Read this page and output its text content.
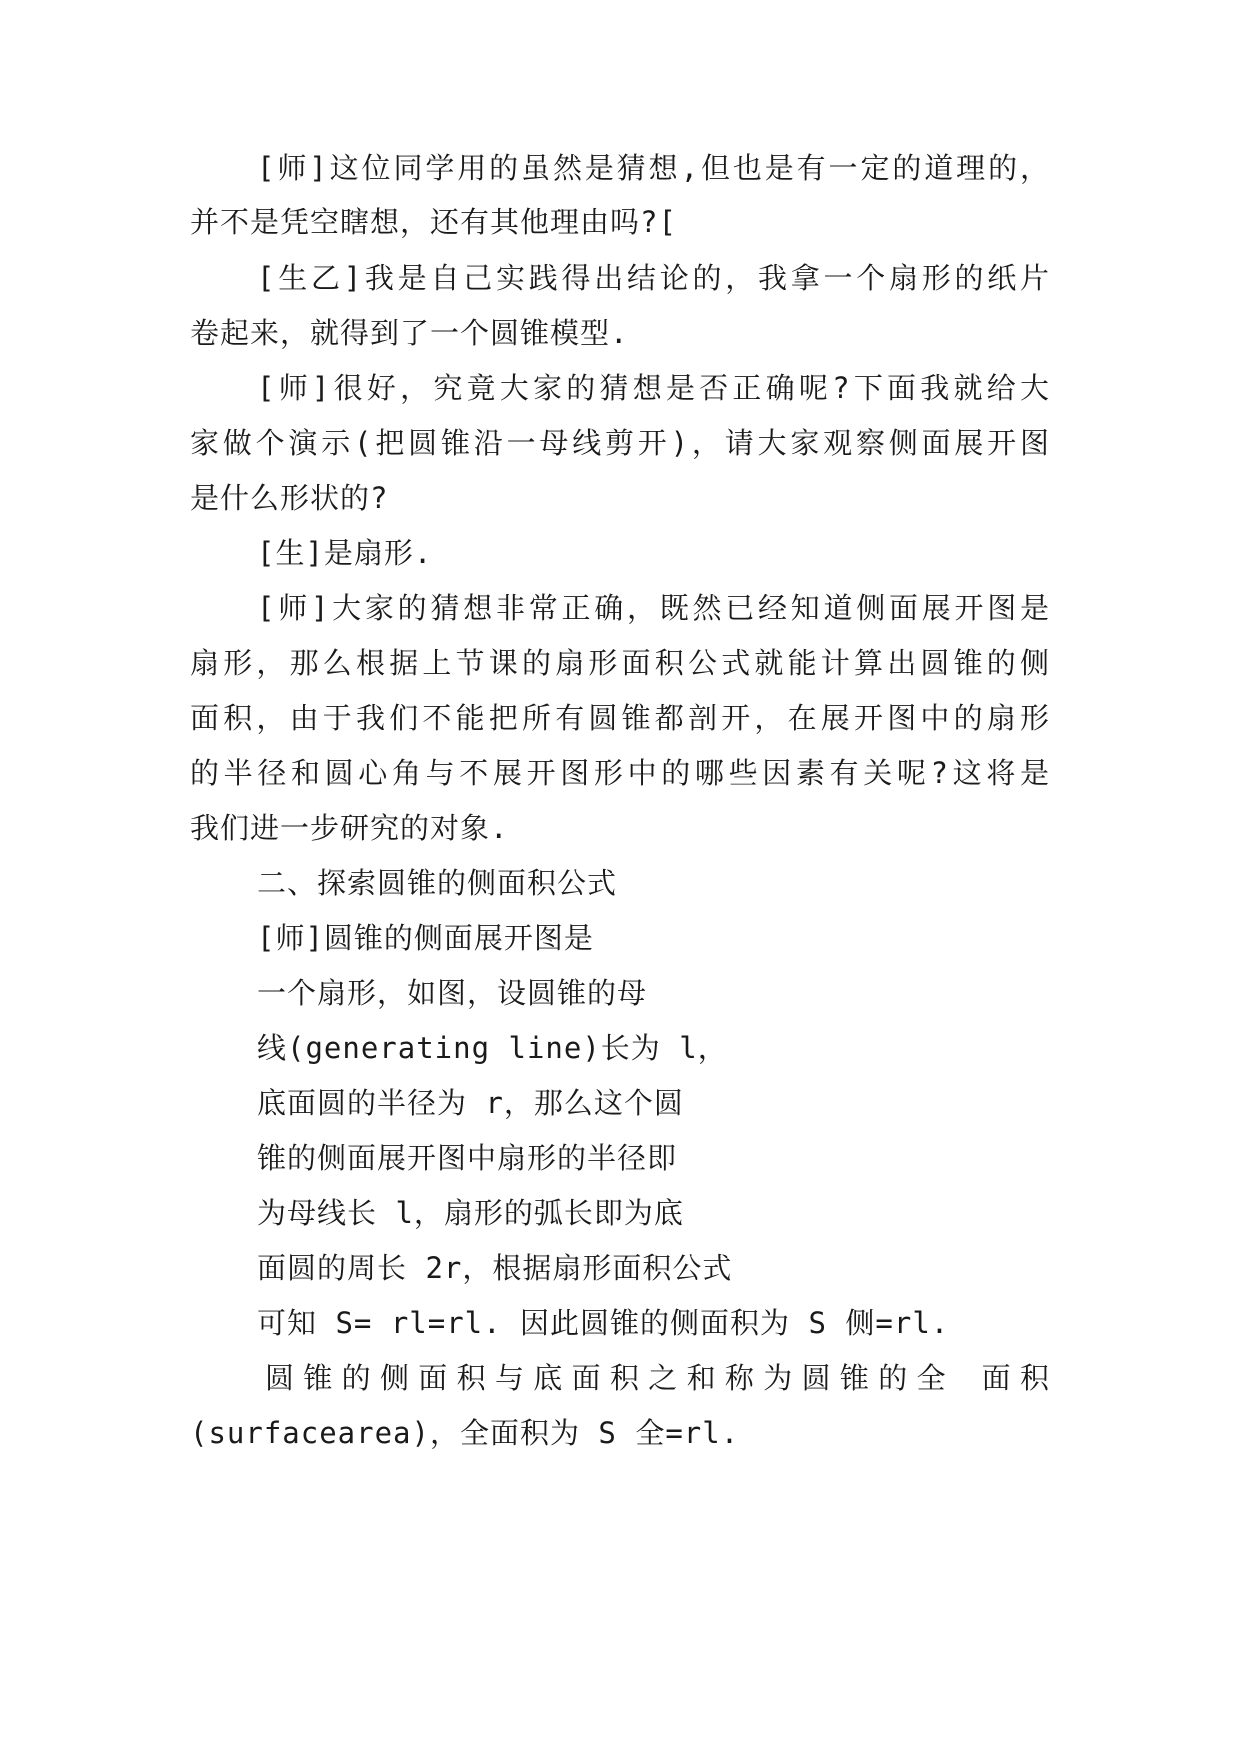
[师]这位同学用的虽然是猜想,但也是有一定的道理的，
并不是凭空瞎想，还有其他理由吗?[
[生乙]我是自己实践得出结论的，我拿一个扇形的纸片
卷起来，就得到了一个圆锥模型.
[师]很好，究竟大家的猜想是否正确呢?下面我就给大
家做个演示(把圆锥沿一母线剪开)，请大家观察侧面展开图
是什么形状的?
[生]是扇形.
[师]大家的猜想非常正确，既然已经知道侧面展开图是
扇形，那么根据上节课的扇形面积公式就能计算出圆锥的侧
面积，由于我们不能把所有圆锥都剖开，在展开图中的扇形
的半径和圆心角与不展开图形中的哪些因素有关呢?这将是
我们进一步研究的对象.
二、探索圆锥的侧面积公式
[师]圆锥的侧面展开图是
一个扇形，如图，设圆锥的母
线(generating line)长为 l，
底面圆的半径为 r，那么这个圆
锥的侧面展开图中扇形的半径即
为母线长 l，扇形的弧长即为底
面圆的周长 2r，根据扇形面积公式
可知 S= rl=rl. 因此圆锥的侧面积为 S 侧=rl.
圆锥的侧面积与底面积之和称为圆锥的全 面积
(surfacearea)，全面积为 S 全=rl.
